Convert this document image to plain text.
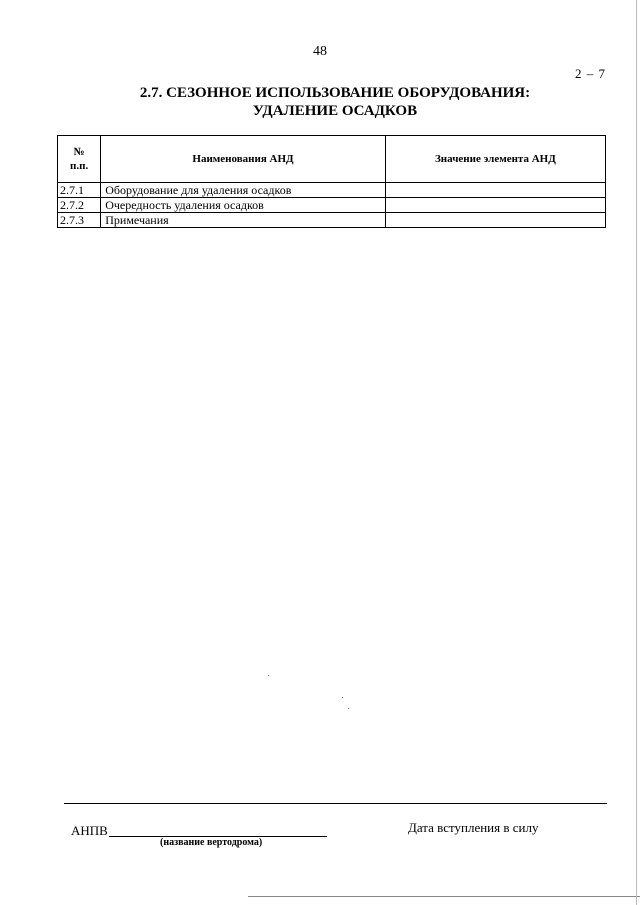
48
2 – 7
2.7. СЕЗОННОЕ ИСПОЛЬЗОВАНИЕ ОБОРУДОВАНИЯ:
УДАЛЕНИЕ ОСАДКОВ
№
п.п.	Наименования АНД	Значение элемента АНД
2.7.1	Оборудование для удаления осадков	
2.7.2	Очередность удаления осадков	
2.7.3	Примечания	
АНПВ
(название вертодрома)
Дата вступления в силу
